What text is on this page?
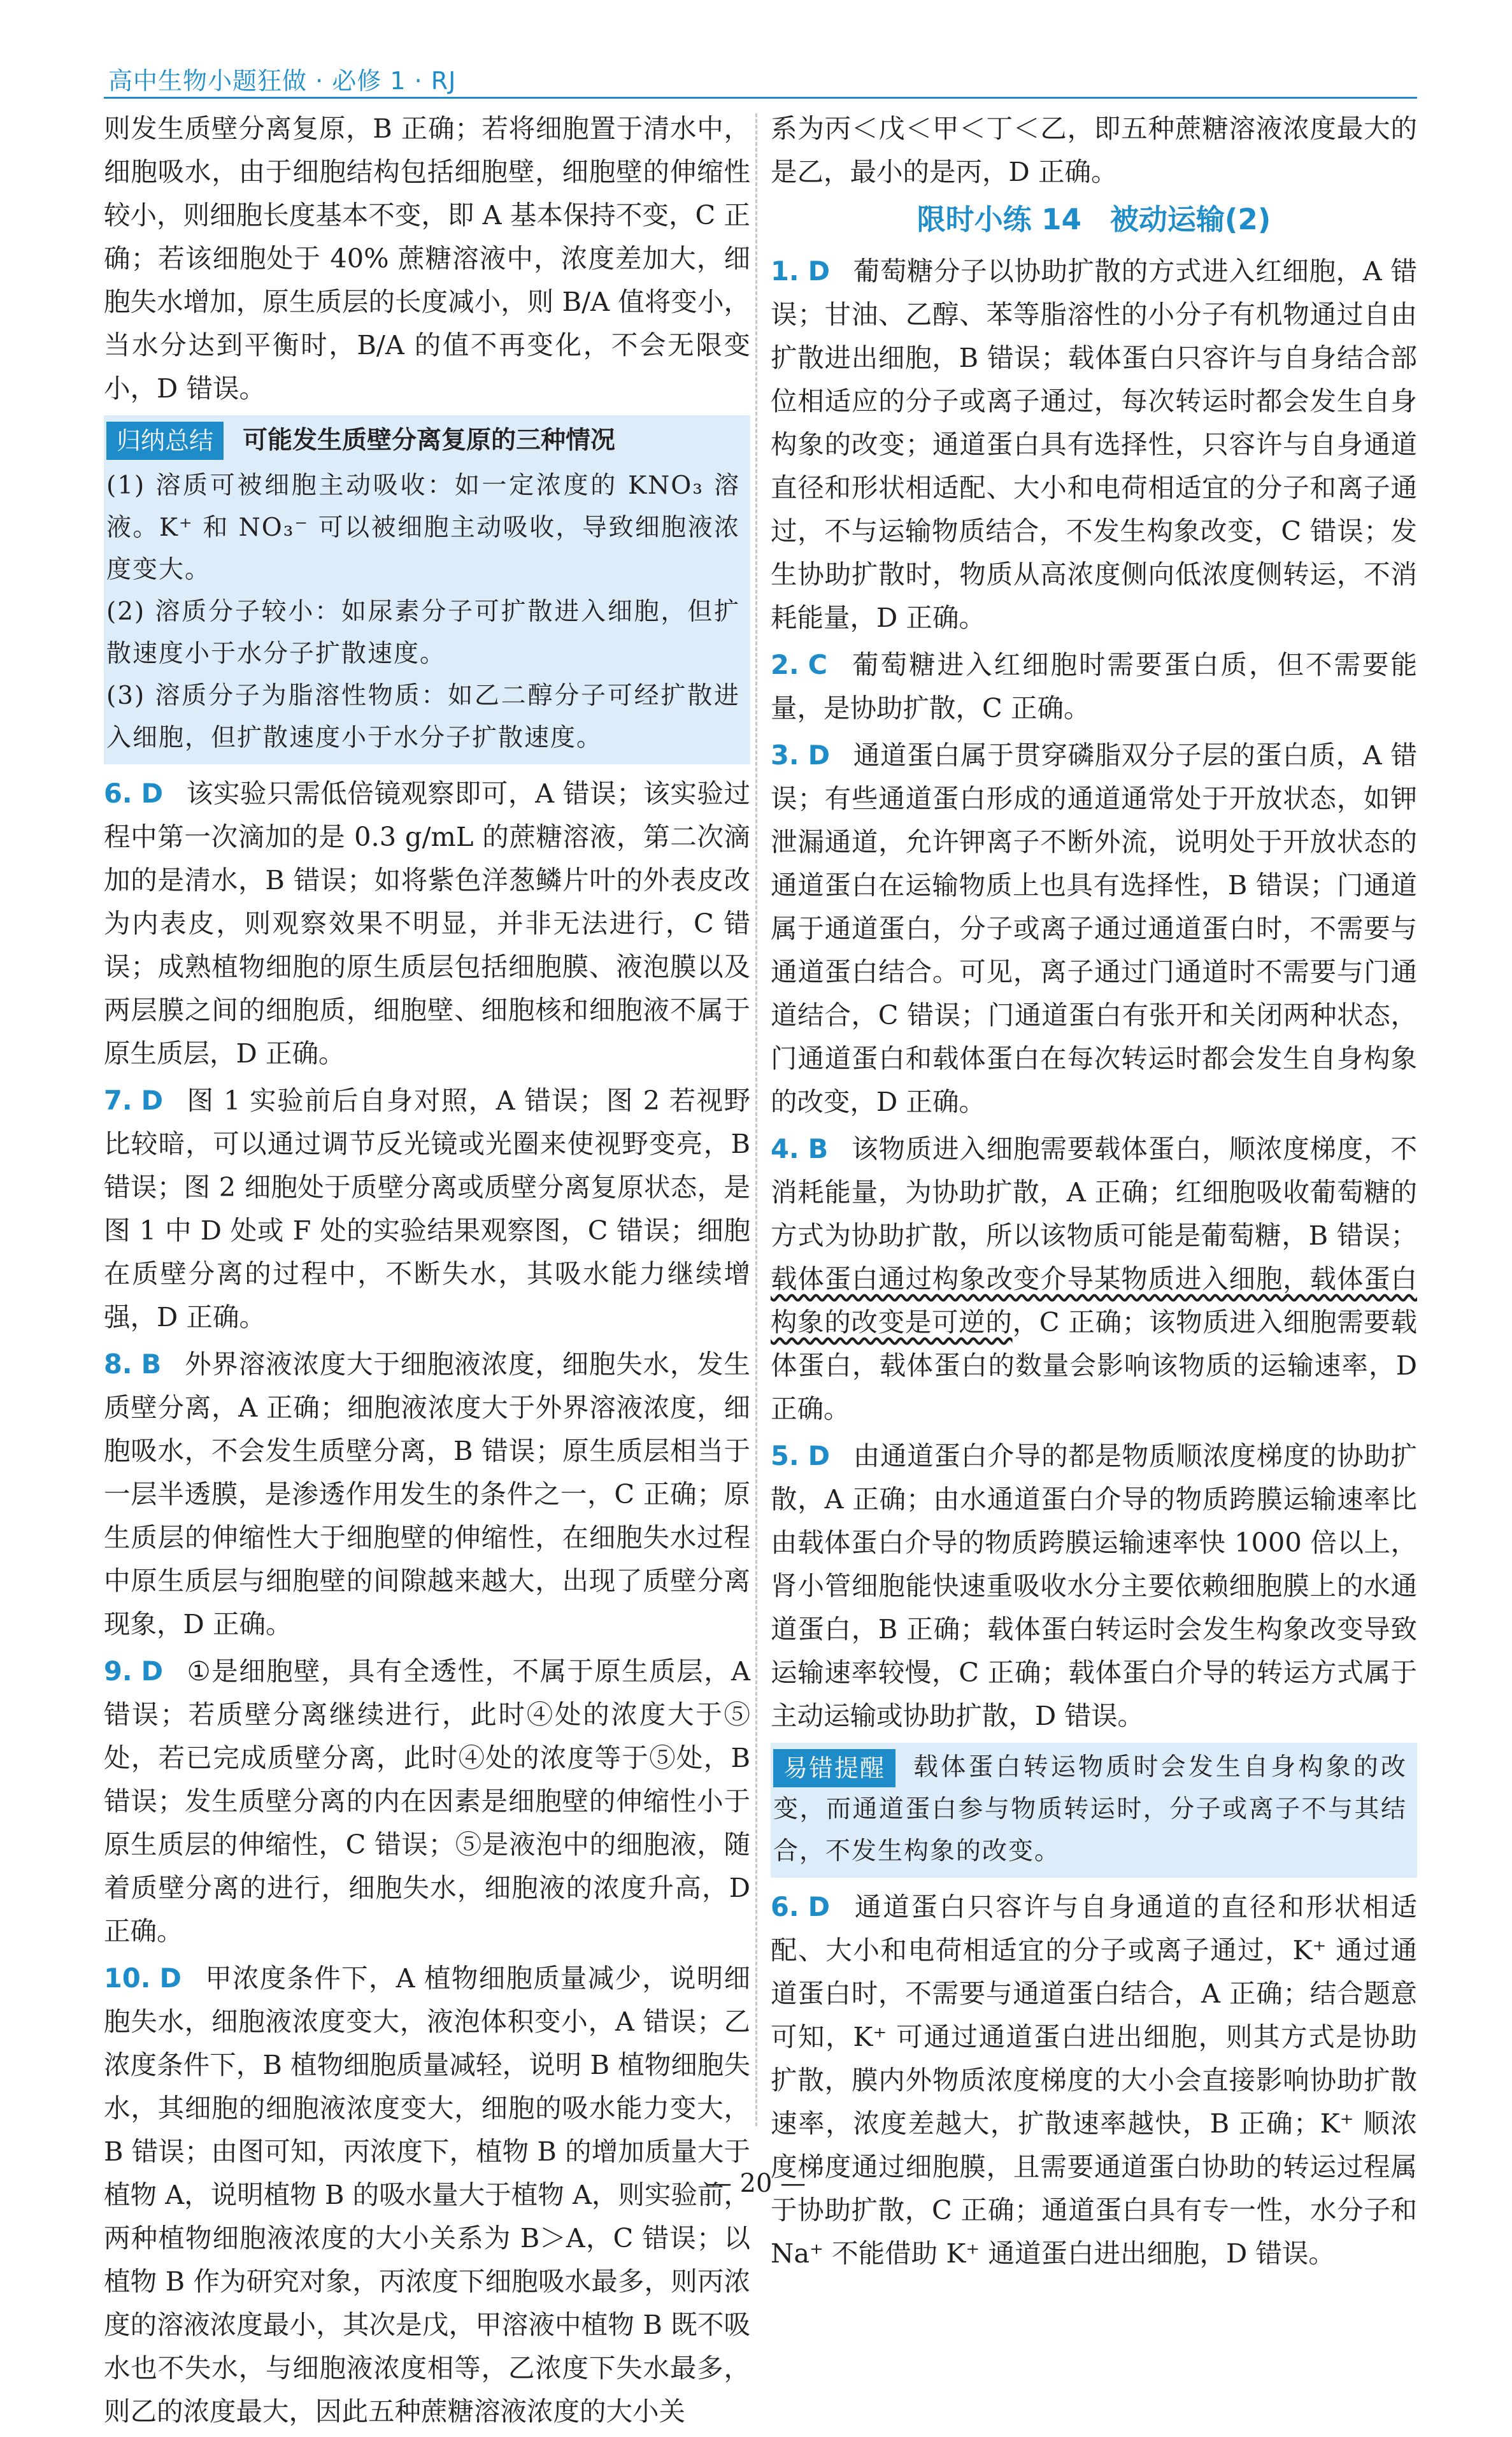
高中生物小题狂做 · 必修 1 · RJ

则发生质壁分离复原，B 正确；若将细胞置于清水中，细胞吸水，由于细胞结构包括细胞壁，细胞壁的伸缩性较小，则细胞长度基本不变，即 A 基本保持不变，C 正确；若该细胞处于 40% 蔗糖溶液中，浓度差加大，细胞失水增加，原生质层的长度减小，则 B/A 值将变小，当水分达到平衡时，B/A 的值不再变化，不会无限变小，D 错误。

归纳总结	可能发生质壁分离复原的三种情况
(1) 溶质可被细胞主动吸收：如一定浓度的 KNO₃ 溶液。K⁺ 和 NO₃⁻ 可以被细胞主动吸收，导致细胞液浓度变大。
(2) 溶质分子较小：如尿素分子可扩散进入细胞，但扩散速度小于水分子扩散速度。
(3) 溶质分子为脂溶性物质：如乙二醇分子可经扩散进入细胞，但扩散速度小于水分子扩散速度。

6. D 该实验只需低倍镜观察即可，A 错误；该实验过程中第一次滴加的是 0.3 g/mL 的蔗糖溶液，第二次滴加的是清水，B 错误；如将紫色洋葱鳞片叶的外表皮改为内表皮，则观察效果不明显，并非无法进行，C 错误；成熟植物细胞的原生质层包括细胞膜、液泡膜以及两层膜之间的细胞质，细胞壁、细胞核和细胞液不属于原生质层，D 正确。

7. D 图 1 实验前后自身对照，A 错误；图 2 若视野比较暗，可以通过调节反光镜或光圈来使视野变亮，B 错误；图 2 细胞处于质壁分离或质壁分离复原状态，是图 1 中 D 处或 F 处的实验结果观察图，C 错误；细胞在质壁分离的过程中，不断失水，其吸水能力继续增强，D 正确。

8. B 外界溶液浓度大于细胞液浓度，细胞失水，发生质壁分离，A 正确；细胞液浓度大于外界溶液浓度，细胞吸水，不会发生质壁分离，B 错误；原生质层相当于一层半透膜，是渗透作用发生的条件之一，C 正确；原生质层的伸缩性大于细胞壁的伸缩性，在细胞失水过程中原生质层与细胞壁的间隙越来越大，出现了质壁分离现象，D 正确。

9. D ①是细胞壁，具有全透性，不属于原生质层，A 错误；若质壁分离继续进行，此时④处的浓度大于⑤处，若已完成质壁分离，此时④处的浓度等于⑤处，B 错误；发生质壁分离的内在因素是细胞壁的伸缩性小于原生质层的伸缩性，C 错误；⑤是液泡中的细胞液，随着质壁分离的进行，细胞失水，细胞液的浓度升高，D 正确。

10. D 甲浓度条件下，A 植物细胞质量减少，说明细胞失水，细胞液浓度变大，液泡体积变小，A 错误；乙浓度条件下，B 植物细胞质量减轻，说明 B 植物细胞失水，其细胞的细胞液浓度变大，细胞的吸水能力变大，B 错误；由图可知，丙浓度下，植物 B 的增加质量大于植物 A，说明植物 B 的吸水量大于植物 A，则实验前，两种植物细胞液浓度的大小关系为 B＞A，C 错误；以植物 B 作为研究对象，丙浓度下细胞吸水最多，则丙浓度的溶液浓度最小，其次是戊，甲溶液中植物 B 既不吸水也不失水，与细胞液浓度相等，乙浓度下失水最多，则乙的浓度最大，因此五种蔗糖溶液浓度的大小关

系为丙＜戊＜甲＜丁＜乙，即五种蔗糖溶液浓度最大的是乙，最小的是丙，D 正确。

限时小练 14　被动运输(2)

1. D 葡萄糖分子以协助扩散的方式进入红细胞，A 错误；甘油、乙醇、苯等脂溶性的小分子有机物通过自由扩散进出细胞，B 错误；载体蛋白只容许与自身结合部位相适应的分子或离子通过，每次转运时都会发生自身构象的改变；通道蛋白具有选择性，只容许与自身通道直径和形状相适配、大小和电荷相适宜的分子和离子通过，不与运输物质结合，不发生构象改变，C 错误；发生协助扩散时，物质从高浓度侧向低浓度侧转运，不消耗能量，D 正确。

2. C 葡萄糖进入红细胞时需要蛋白质，但不需要能量，是协助扩散，C 正确。

3. D 通道蛋白属于贯穿磷脂双分子层的蛋白质，A 错误；有些通道蛋白形成的通道通常处于开放状态，如钾泄漏通道，允许钾离子不断外流，说明处于开放状态的通道蛋白在运输物质上也具有选择性，B 错误；门通道属于通道蛋白，分子或离子通过通道蛋白时，不需要与通道蛋白结合。可见，离子通过门通道时不需要与门通道结合，C 错误；门通道蛋白有张开和关闭两种状态，门通道蛋白和载体蛋白在每次转运时都会发生自身构象的改变，D 正确。

4. B 该物质进入细胞需要载体蛋白，顺浓度梯度，不消耗能量，为协助扩散，A 正确；红细胞吸收葡萄糖的方式为协助扩散，所以该物质可能是葡萄糖，B 错误；载体蛋白通过构象改变介导某物质进入细胞，载体蛋白构象的改变是可逆的，C 正确；该物质进入细胞需要载体蛋白，载体蛋白的数量会影响该物质的运输速率，D 正确。

5. D 由通道蛋白介导的都是物质顺浓度梯度的协助扩散，A 正确；由水通道蛋白介导的物质跨膜运输速率比由载体蛋白介导的物质跨膜运输速率快 1000 倍以上，肾小管细胞能快速重吸收水分主要依赖细胞膜上的水通道蛋白，B 正确；载体蛋白转运时会发生构象改变导致运输速率较慢，C 正确；载体蛋白介导的转运方式属于主动运输或协助扩散，D 错误。

易错提醒	载体蛋白转运物质时会发生自身构象的改变，而通道蛋白参与物质转运时，分子或离子不与其结合，不发生构象的改变。

6. D 通道蛋白只容许与自身通道的直径和形状相适配、大小和电荷相适宜的分子或离子通过，K⁺ 通过通道蛋白时，不需要与通道蛋白结合，A 正确；结合题意可知，K⁺ 可通过通道蛋白进出细胞，则其方式是协助扩散，膜内外物质浓度梯度的大小会直接影响协助扩散速率，浓度差越大，扩散速率越快，B 正确；K⁺ 顺浓度梯度通过细胞膜，且需要通道蛋白协助的转运过程属于协助扩散，C 正确；通道蛋白具有专一性，水分子和 Na⁺ 不能借助 K⁺ 通道蛋白进出细胞，D 错误。

— 20 —
